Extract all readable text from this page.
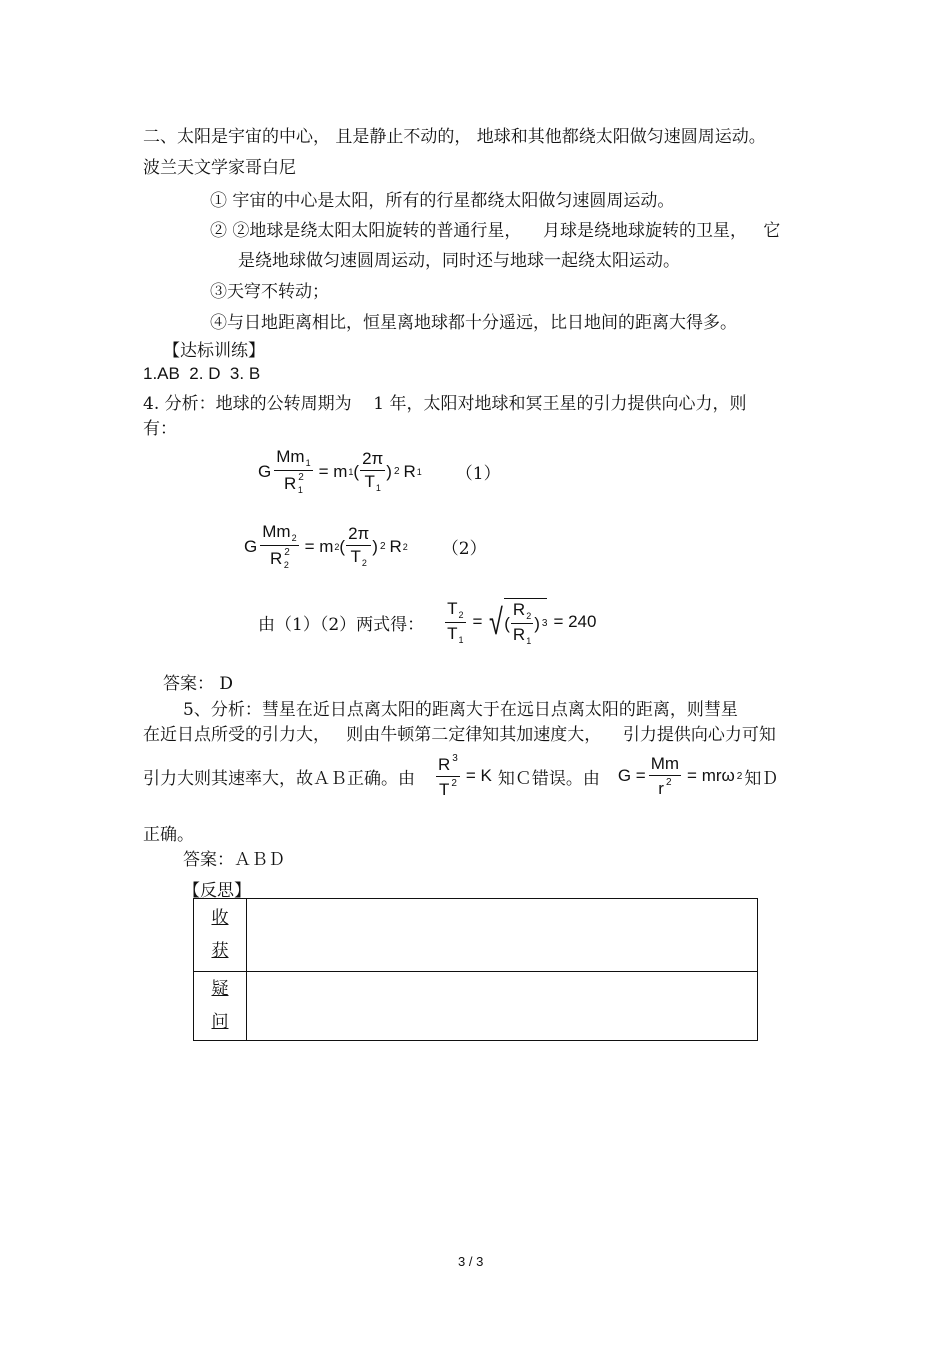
二、太阳是宇宙的中心， 且是静止不动的， 地球和其他都绕太阳做匀速圆周运动。
波兰天文学家哥白尼
① 宇宙的中心是太阳，所有的行星都绕太阳做匀速圆周运动。
② ②地球是绕太阳太阳旋转的普通行星，    月球是绕地球旋转的卫星，   它
是绕地球做匀速圆周运动，同时还与地球一起绕太阳运动。
③天穹不转动；
④与日地距离相比，恒星离地球都十分遥远，比日地间的距离大得多。
【达标训练】
1.AB  2. D  3. B
4. 分析：地球的公转周期为    1 年，太阳对地球和冥王星的引力提供向心力，则
有：
G $\frac{Mm_1}{R ^2_1} = m$ 1 ( $\frac{2\pi}{T_1}$ ) 2 R 1 （1）
G $\frac{Mm_2}{R ^2_2} = m$ 2 ( $\frac{2\pi}{T_2}$ ) 2 R 2 （2）
由（1）（2）两式得： $\frac{T_2}{T_1}$ = √ ( $\frac{R_2}{R_1}$ ) 3 = 240
答案： D
5、分析：彗星在近日点离太阳的距离大于在远日点离太阳的距离，则彗星
在近日点所受的引力大，   则由牛顿第二定律知其加速度大，    引力提供向心力可知
引力大则其速率大，故ＡＢ正确。由 $\frac{R ^3}{T ^2} = K$ 知Ｃ错误。由 $G = \frac{Mm}{r ^2} = mr\omega$ 2 知Ｄ
正确。
答案：ＡＢＤ
【反思】
收
获	

疑
问	

3 / 3
